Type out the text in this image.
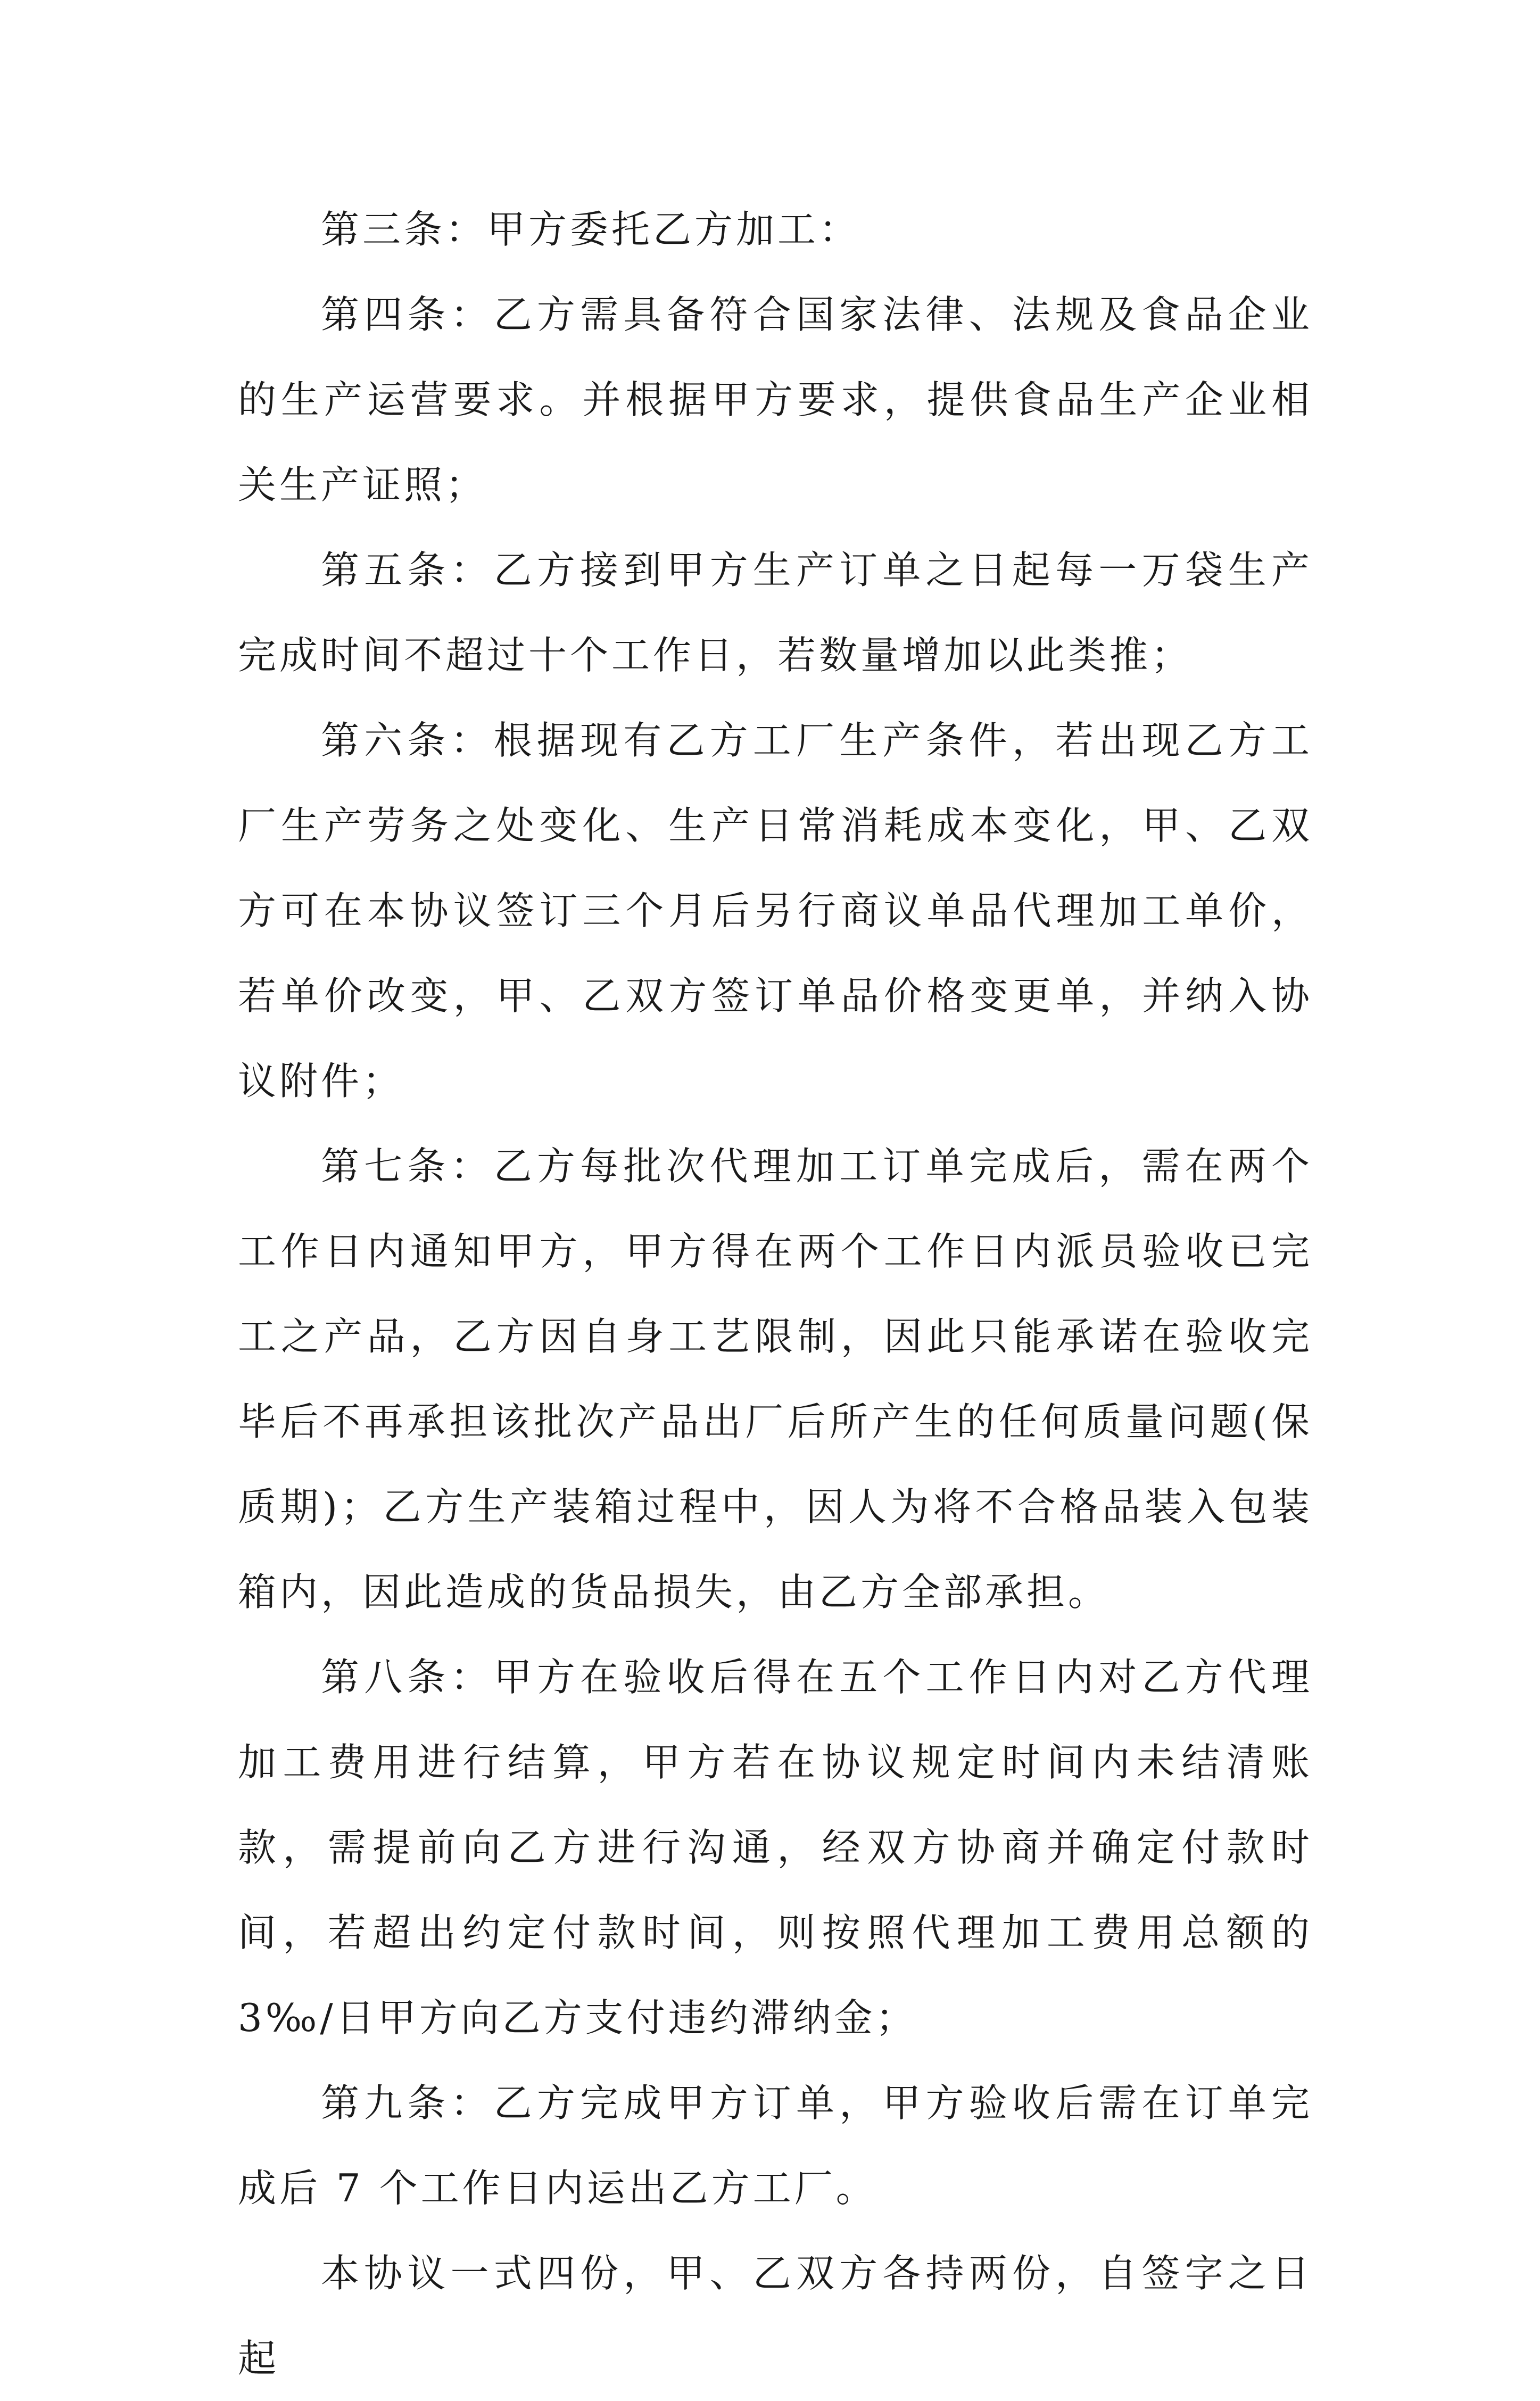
第三条：甲方委托乙方加工：

第四条：乙方需具备符合国家法律、法规及食品企业的生产运营要求。并根据甲方要求，提供食品生产企业相关生产证照；

第五条：乙方接到甲方生产订单之日起每一万袋生产完成时间不超过十个工作日，若数量增加以此类推；

第六条：根据现有乙方工厂生产条件，若出现乙方工厂生产劳务之处变化、生产日常消耗成本变化，甲、乙双方可在本协议签订三个月后另行商议单品代理加工单价，若单价改变，甲、乙双方签订单品价格变更单，并纳入协议附件；

第七条：乙方每批次代理加工订单完成后，需在两个工作日内通知甲方，甲方得在两个工作日内派员验收已完工之产品，乙方因自身工艺限制，因此只能承诺在验收完毕后不再承担该批次产品出厂后所产生的任何质量问题(保质期)；乙方生产装箱过程中，因人为将不合格品装入包装箱内，因此造成的货品损失，由乙方全部承担。

第八条：甲方在验收后得在五个工作日内对乙方代理加工费用进行结算，甲方若在协议规定时间内未结清账款，需提前向乙方进行沟通，经双方协商并确定付款时间，若超出约定付款时间，则按照代理加工费用总额的 3‰/日甲方向乙方支付违约滞纳金；

第九条：乙方完成甲方订单，甲方验收后需在订单完成后 7 个工作日内运出乙方工厂。

本协议一式四份，甲、乙双方各持两份，自签字之日起
